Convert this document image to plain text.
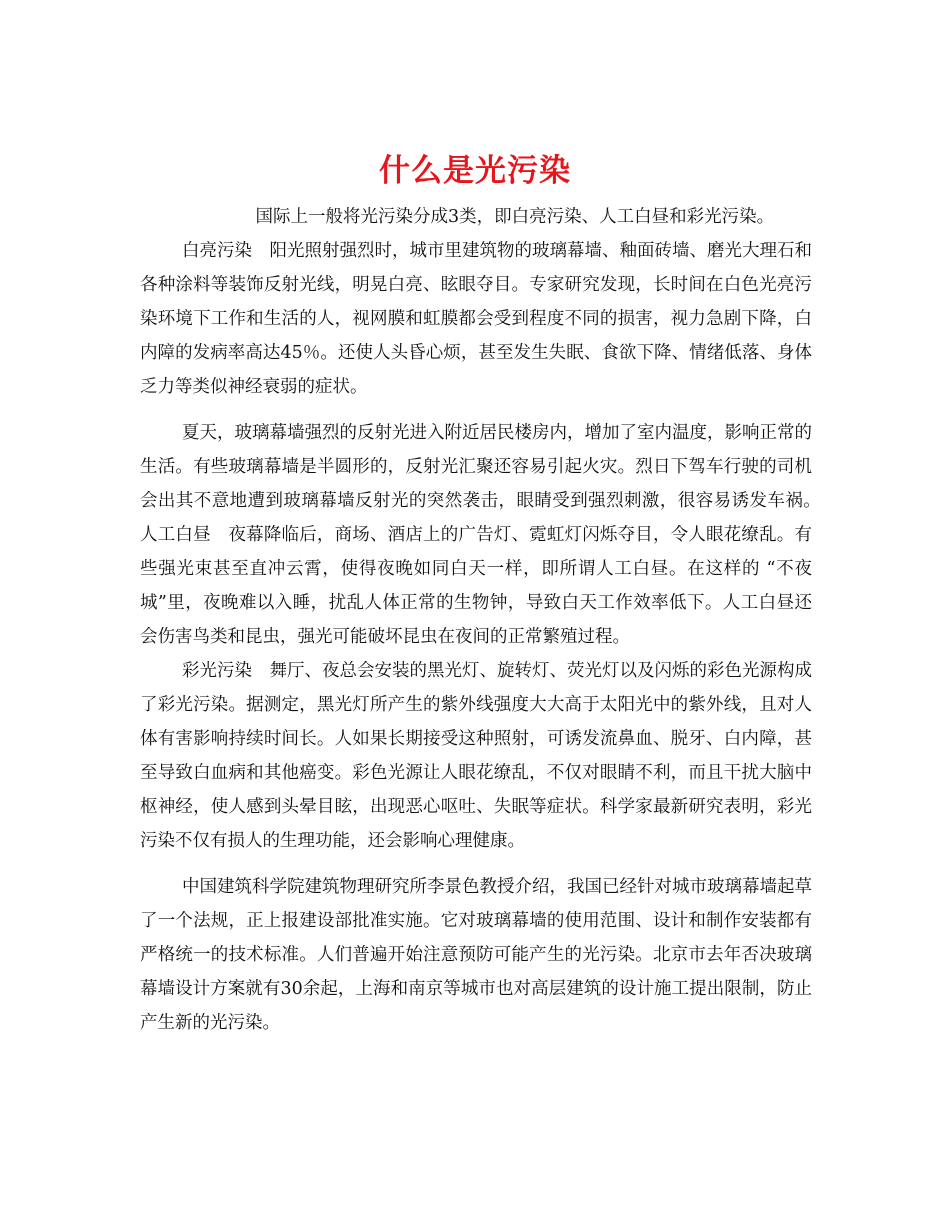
什么是光污染

国际上一般将光污染分成3类，即白亮污染、人工白昼和彩光污染。

白亮污染　阳光照射强烈时，城市里建筑物的玻璃幕墙、釉面砖墙、磨光大理石和各种涂料等装饰反射光线，明晃白亮、眩眼夺目。专家研究发现，长时间在白色光亮污染环境下工作和生活的人，视网膜和虹膜都会受到程度不同的损害，视力急剧下降，白内障的发病率高达45％。还使人头昏心烦，甚至发生失眠、食欲下降、情绪低落、身体乏力等类似神经衰弱的症状。

夏天，玻璃幕墙强烈的反射光进入附近居民楼房内，增加了室内温度，影响正常的生活。有些玻璃幕墙是半圆形的，反射光汇聚还容易引起火灾。烈日下驾车行驶的司机会出其不意地遭到玻璃幕墙反射光的突然袭击，眼睛受到强烈刺激，很容易诱发车祸。　人工白昼　夜幕降临后，商场、酒店上的广告灯、霓虹灯闪烁夺目，令人眼花缭乱。有些强光束甚至直冲云霄，使得夜晚如同白天一样，即所谓人工白昼。在这样的 “不夜城”里，夜晚难以入睡，扰乱人体正常的生物钟，导致白天工作效率低下。人工白昼还会伤害鸟类和昆虫，强光可能破坏昆虫在夜间的正常繁殖过程。

彩光污染　舞厅、夜总会安装的黑光灯、旋转灯、荧光灯以及闪烁的彩色光源构成了彩光污染。据测定，黑光灯所产生的紫外线强度大大高于太阳光中的紫外线，且对人体有害影响持续时间长。人如果长期接受这种照射，可诱发流鼻血、脱牙、白内障，甚至导致白血病和其他癌变。彩色光源让人眼花缭乱，不仅对眼睛不利，而且干扰大脑中枢神经，使人感到头晕目眩，出现恶心呕吐、失眠等症状。科学家最新研究表明，彩光污染不仅有损人的生理功能，还会影响心理健康。

中国建筑科学院建筑物理研究所李景色教授介绍，我国已经针对城市玻璃幕墙起草了一个法规，正上报建设部批准实施。它对玻璃幕墙的使用范围、设计和制作安装都有严格统一的技术标准。人们普遍开始注意预防可能产生的光污染。北京市去年否决玻璃幕墙设计方案就有30余起，上海和南京等城市也对高层建筑的设计施工提出限制，防止产生新的光污染。
